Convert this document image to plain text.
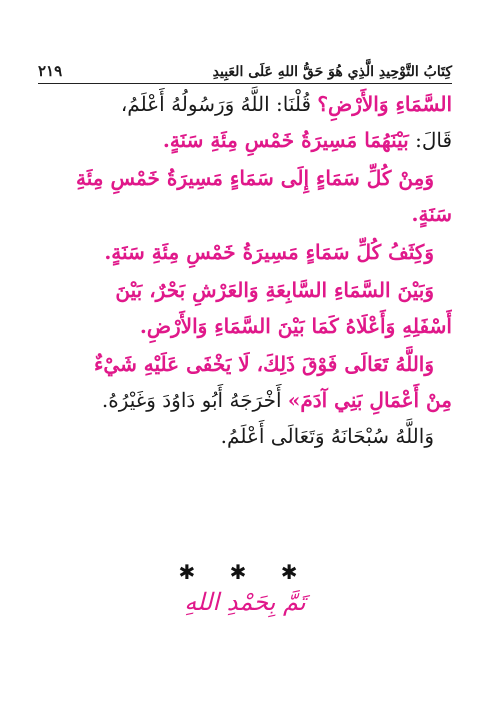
٢١٩	كِتَابُ التَّوْحِيدِ الَّذِي هُوَ حَقُّ اللهِ عَلَى العَبِيدِ
السَّمَاءِ وَالأَرْضِ؟ قُلْنَا: اللَّهُ وَرَسُولُهُ أَعْلَمُ،
قَالَ: بَيْنَهُمَا مَسِيرَةُ خَمْسِ مِئَةِ سَنَةٍ.
وَمِنْ كُلِّ سَمَاءٍ إِلَى سَمَاءٍ مَسِيرَةُ خَمْسِ مِئَةِ
سَنَةٍ.
وَكِثَفُ كُلِّ سَمَاءٍ مَسِيرَةُ خَمْسِ مِئَةِ سَنَةٍ.
وَبَيْنَ السَّمَاءِ السَّابِعَةِ وَالعَرْشِ بَحْرٌ، بَيْنَ
أَسْفَلِهِ وَأَعْلَاهُ كَمَا بَيْنَ السَّمَاءِ وَالأَرْضِ.
وَاللَّهُ تَعَالَى فَوْقَ ذَلِكَ، لَا يَخْفَى عَلَيْهِ شَيْءٌ
مِنْ أَعْمَالِ بَنِي آدَمَ» أَخْرَجَهُ أَبُو دَاوُدَ وَغَيْرُهُ.
وَاللَّهُ سُبْحَانَهُ وَتَعَالَى أَعْلَمُ.
✱ ✱ ✱
تَمَّ بِحَمْدِ اللهِ
